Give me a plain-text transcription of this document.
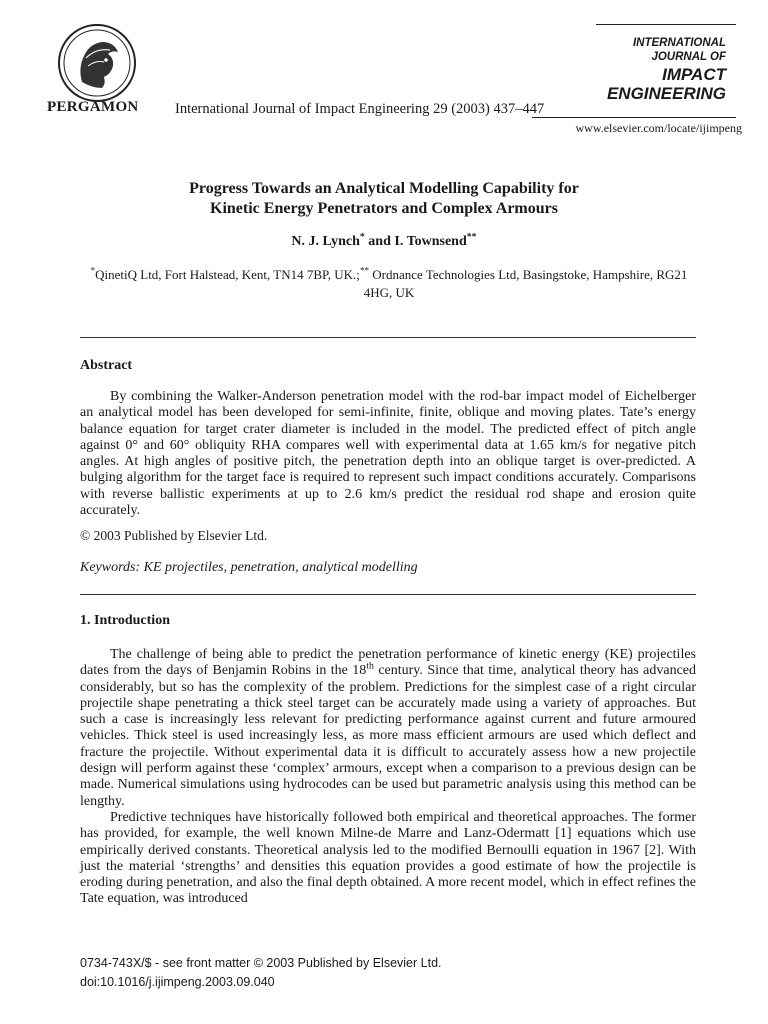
PERGAMON	International Journal of Impact Engineering 29 (2003) 437–447
INTERNATIONAL
JOURNAL OF
IMPACT
ENGINEERING
www.elsevier.com/locate/ijimpeng
Progress Towards an Analytical Modelling Capability for
Kinetic Energy Penetrators and Complex Armours
N. J. Lynch* and I. Townsend**
*QinetiQ Ltd, Fort Halstead, Kent, TN14 7BP, UK.;** Ordnance Technologies Ltd, Basingstoke, Hampshire, RG21
4HG, UK
Abstract

By combining the Walker-Anderson penetration model with the rod-bar impact model of Eichelberger an analytical model has been developed for semi-infinite, finite, oblique and moving plates. Tate’s energy balance equation for target crater diameter is included in the model. The predicted effect of pitch angle against 0° and 60° obliquity RHA compares well with experimental data at 1.65 km/s for negative pitch angles. At high angles of positive pitch, the penetration depth into an oblique target is over-predicted. A bulging algorithm for the target face is required to represent such impact conditions accurately. Comparisons with reverse ballistic experiments at up to 2.6 km/s predict the residual rod shape and erosion quite accurately.

© 2003 Published by Elsevier Ltd.
Keywords: KE projectiles, penetration, analytical modelling
1. Introduction

The challenge of being able to predict the penetration performance of kinetic energy (KE) projectiles dates from the days of Benjamin Robins in the 18th century. Since that time, analytical theory has advanced considerably, but so has the complexity of the problem. Predictions for the simplest case of a right circular projectile shape penetrating a thick steel target can be accurately made using a variety of approaches. But such a case is increasingly less relevant for predicting performance against current and future armoured vehicles. Thick steel is used increasingly less, as more mass efficient armours are used which deflect and fracture the projectile. Without experimental data it is difficult to accurately assess how a new projectile design will perform against these ‘complex’ armours, except when a comparison to a previous design can be made. Numerical simulations using hydrocodes can be used but parametric analysis using this method can be lengthy.

Predictive techniques have historically followed both empirical and theoretical approaches. The former has provided, for example, the well known Milne-de Marre and Lanz-Odermatt [1] equations which use empirically derived constants. Theoretical analysis led to the modified Bernoulli equation in 1967 [2]. With just the material ‘strengths’ and densities this equation provides a good estimate of how the projectile is eroding during penetration, and also the final depth obtained. A more recent model, which in effect refines the Tate equation, was introduced

0734-743X/$ - see front matter © 2003 Published by Elsevier Ltd.
doi:10.1016/j.ijimpeng.2003.09.040
